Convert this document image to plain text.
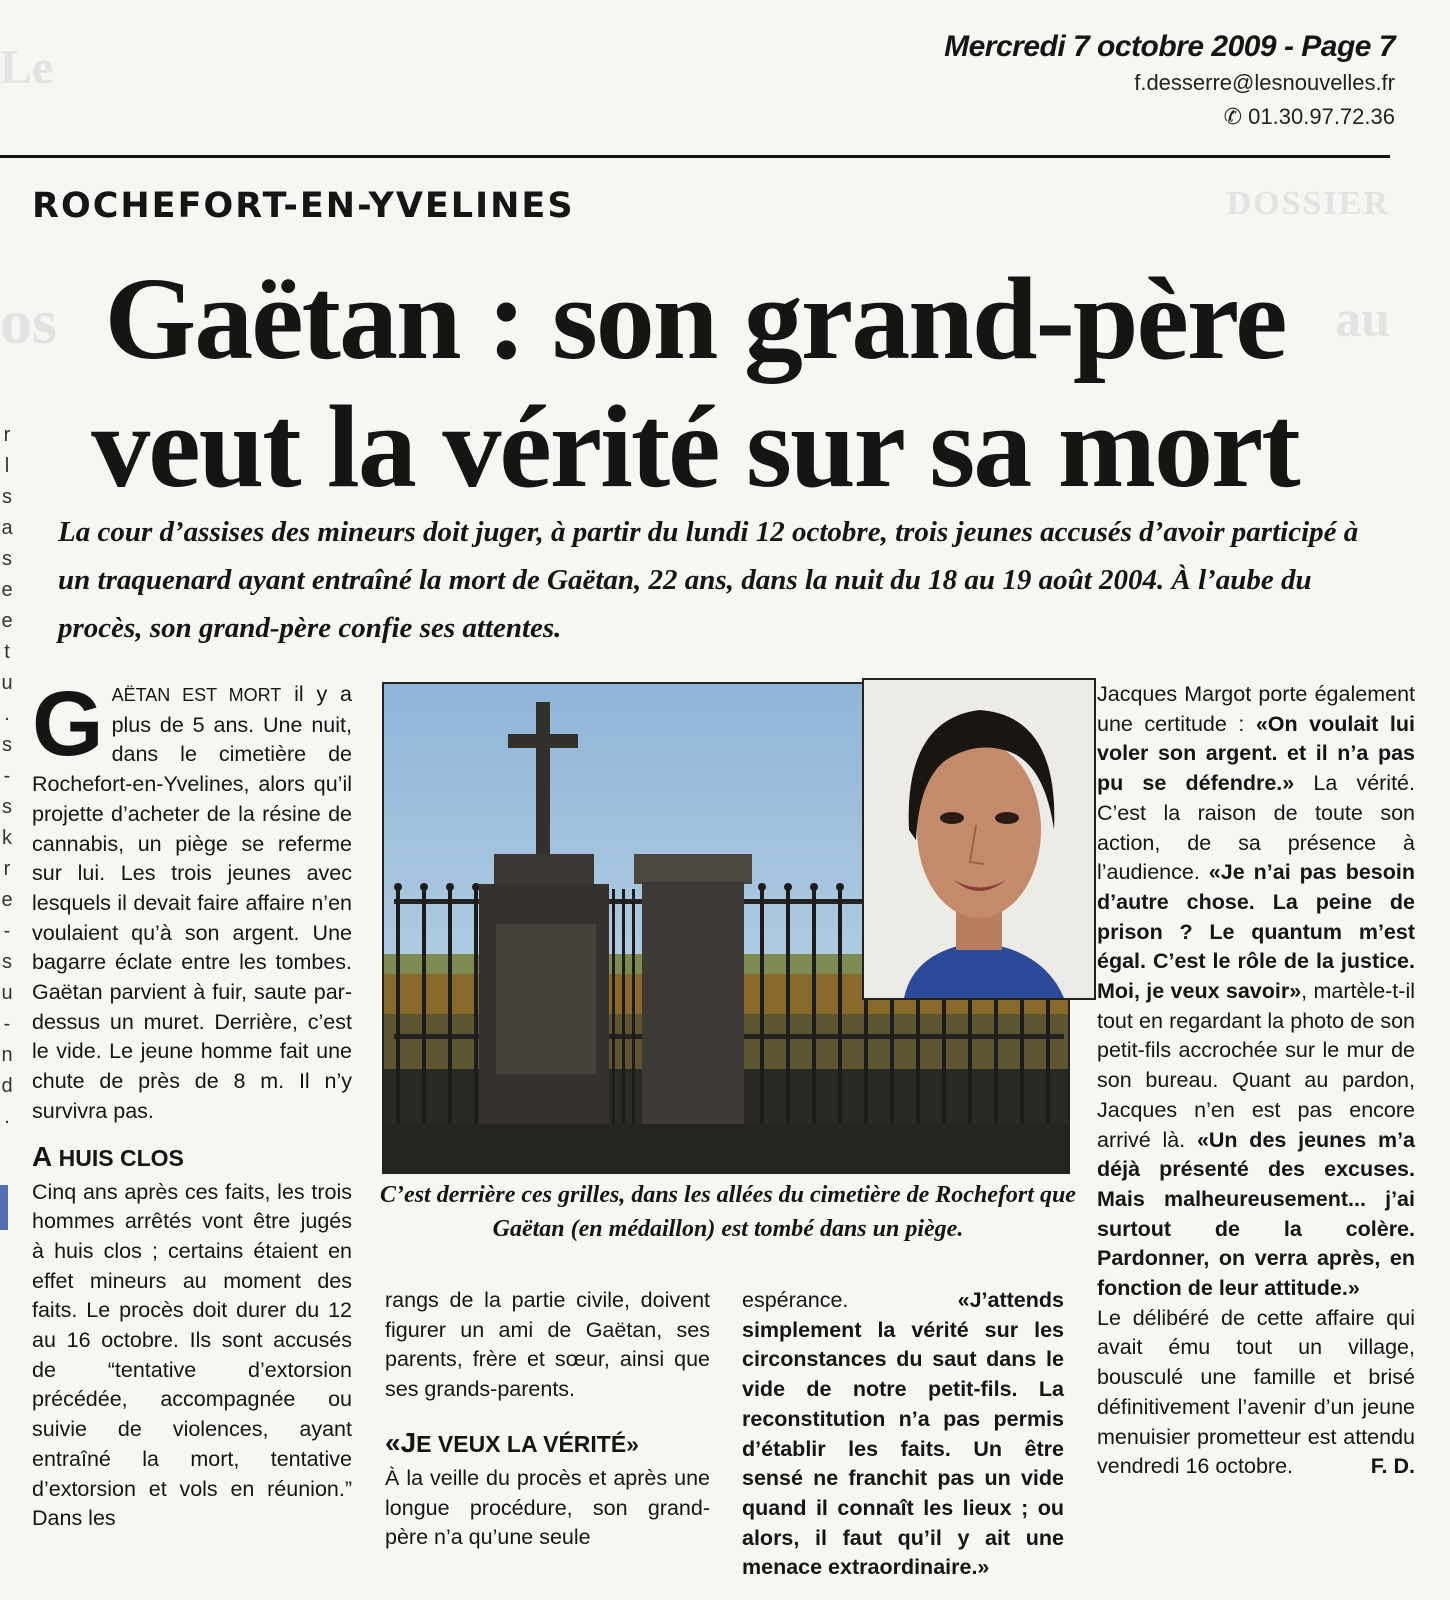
Le
DOSSIER
os	au
r
l
s
a
s
e
e
t
u
.
s
-
s
k
r
e
-
s
u
-
n
d
.
Mercredi 7 octobre 2009 - Page 7
f.desserre@lesnouvelles.fr
✆ 01.30.97.72.36
ROCHEFORT-EN-YVELINES
Gaëtan : son grand-père
veut la vérité sur sa mort
La cour d’assises des mineurs doit juger, à partir du lundi 12 octobre, trois jeunes accusés d’avoir participé à un traquenard ayant entraîné la mort de Gaëtan, 22 ans, dans la nuit du 18 au 19 août 2004. À l’aube du procès, son grand-père confie ses attentes.

GAËTAN EST MORT il y a plus de 5 ans. Une nuit, dans le cimetière de Rochefort-en-Yvelines, alors qu’il projette d’acheter de la résine de cannabis, un piège se referme sur lui. Les trois jeunes avec lesquels il devait faire affaire n’en voulaient qu’à son argent. Une bagarre éclate entre les tombes. Gaëtan parvient à fuir, saute par-dessus un muret. Derrière, c’est le vide. Le jeune homme fait une chute de près de 8 m. Il n’y survivra pas.

A HUIS CLOS

Cinq ans après ces faits, les trois hommes arrêtés vont être jugés à huis clos ; certains étaient en effet mineurs au moment des faits. Le procès doit durer du 12 au 16 octobre. Ils sont accusés de “tentative d’extorsion précédée, accompagnée ou suivie de violences, ayant entraîné la mort, tentative d’extorsion et vols en réunion.” Dans les

C’est derrière ces grilles, dans les allées du cimetière de Rochefort que Gaëtan (en médaillon) est tombé dans un piège.

rangs de la partie civile, doivent figurer un ami de Gaëtan, ses parents, frère et sœur, ainsi que ses grands-parents.

«JE VEUX LA VÉRITÉ»

À la veille du procès et après une longue procédure, son grand-père n’a qu’une seule

espérance. «J’attends simplement la vérité sur les circonstances du saut dans le vide de notre petit-fils. La reconstitution n’a pas permis d’établir les faits. Un être sensé ne franchit pas un vide quand il connaît les lieux ; ou alors, il faut qu’il y ait une menace extraordinaire.»

Jacques Margot porte également une certitude : «On voulait lui voler son argent. et il n’a pas pu se défendre.» La vérité. C’est la raison de toute son action, de sa présence à l’audience. «Je n’ai pas besoin d’autre chose. La peine de prison ? Le quantum m’est égal. C’est le rôle de la justice. Moi, je veux savoir», martèle-t-il tout en regardant la photo de son petit-fils accrochée sur le mur de son bureau. Quant au pardon, Jacques n’en est pas encore arrivé là. «Un des jeunes m’a déjà présenté des excuses. Mais malheureusement... j’ai surtout de la colère. Pardonner, on verra après, en fonction de leur attitude.»

Le délibéré de cette affaire qui avait ému tout un village, bousculé une famille et brisé définitivement l’avenir d’un jeune menuisier prometteur est attendu vendredi 16 octobre.	F. D.
